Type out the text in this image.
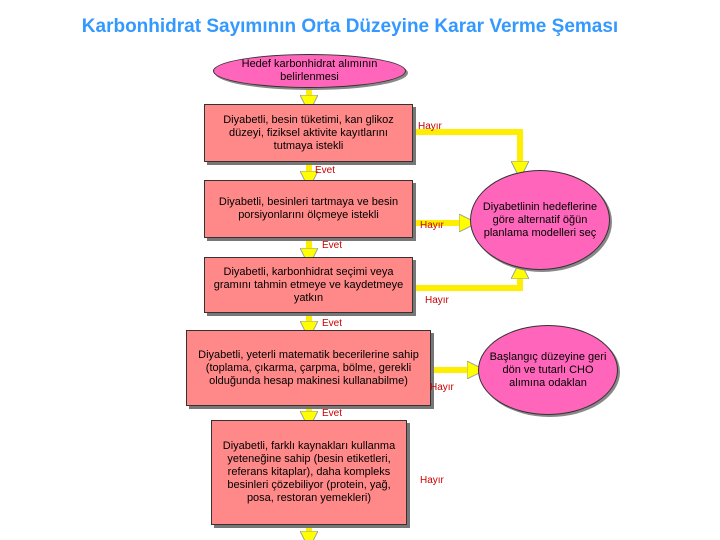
Karbonhidrat Sayımının Orta Düzeyine Karar Verme Şeması
Hedef karbonhidrat alımının belirlenmesi
Diyabetli, besin tüketimi, kan glikoz düzeyi, fiziksel aktivite kayıtlarını tutmaya istekli
Diyabetli, besinleri tartmaya ve besin porsiyonlarını ölçmeye istekli
Diyabetli, karbonhidrat seçimi veya gramını tahmin etmeye ve kaydetmeye yatkın
Diyabetli, yeterli matematik becerilerine sahip (toplama, çıkarma, çarpma, bölme, gerekli olduğunda hesap makinesi kullanabilme)
Diyabetli, farklı kaynakları kullanma yeteneğine sahip (besin etiketleri, referans kitaplar), daha kompleks besinleri çözebiliyor (protein, yağ, posa, restoran yemekleri)
Diyabetlinin hedeflerine göre alternatif öğün planlama modelleri seç
Başlangıç düzeyine geri dön ve tutarlı CHO alımına odaklan
Evet
Evet
Evet
Evet
Hayır
Hayır
Hayır
Hayır
Hayır
